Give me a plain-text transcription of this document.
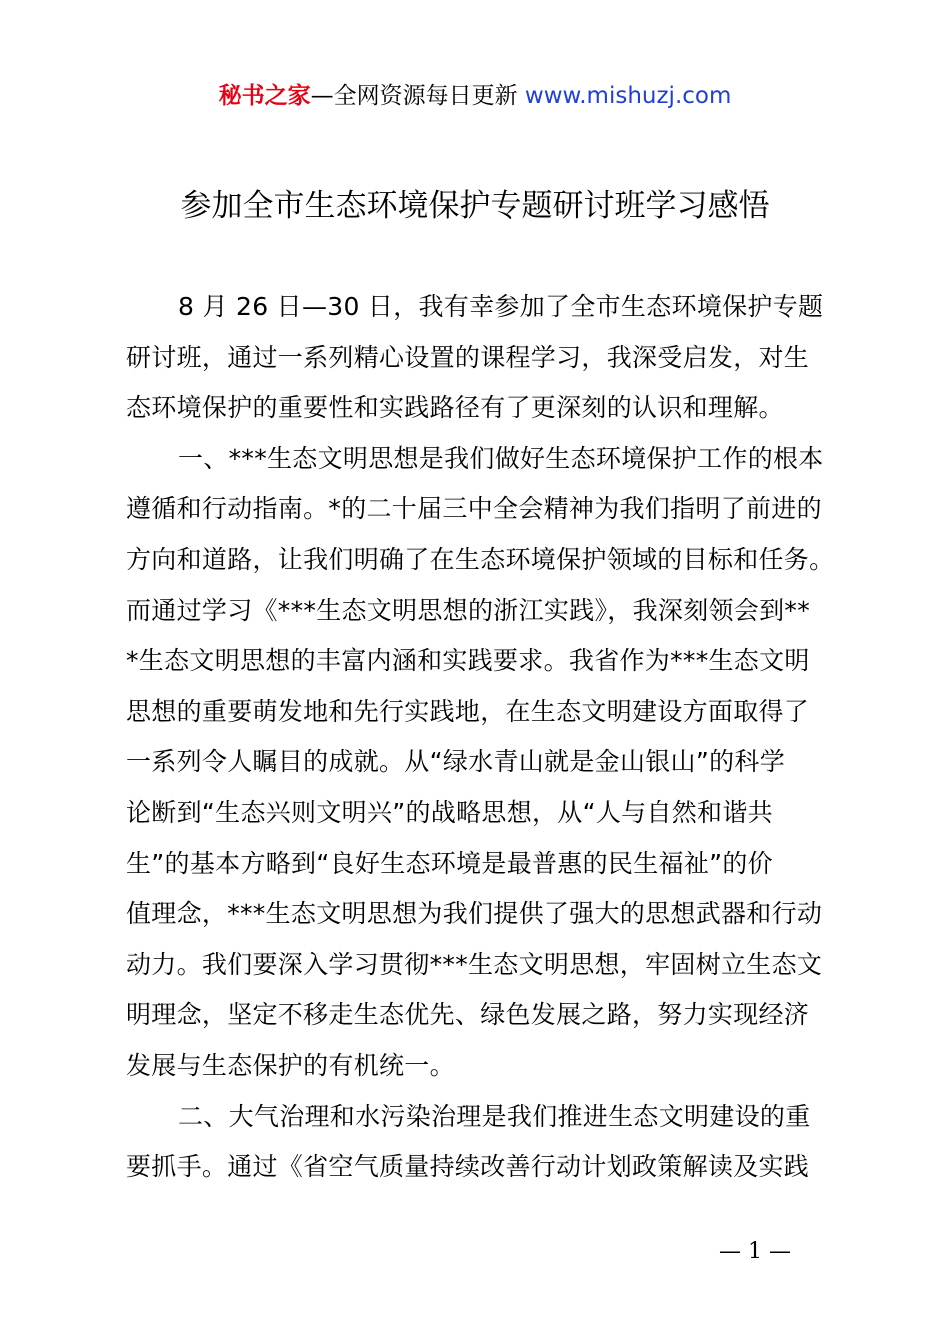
秘书之家—全网资源每日更新 www.mishuzj.com
参加全市生态环境保护专题研讨班学习感悟
8 月 26 日—30 日，我有幸参加了全市生态环境保护专题
研讨班，通过一系列精心设置的课程学习，我深受启发，对生
态环境保护的重要性和实践路径有了更深刻的认识和理解。
一、***生态文明思想是我们做好生态环境保护工作的根本
遵循和行动指南。*的二十届三中全会精神为我们指明了前进的
方向和道路，让我们明确了在生态环境保护领域的目标和任务。
而通过学习《***生态文明思想的浙江实践》，我深刻领会到**
*生态文明思想的丰富内涵和实践要求。我省作为***生态文明
思想的重要萌发地和先行实践地，在生态文明建设方面取得了
一系列令人瞩目的成就。从“绿水青山就是金山银山”的科学
论断到“生态兴则文明兴”的战略思想，从“人与自然和谐共
生”的基本方略到“良好生态环境是最普惠的民生福祉”的价
值理念，***生态文明思想为我们提供了强大的思想武器和行动
动力。我们要深入学习贯彻***生态文明思想，牢固树立生态文
明理念，坚定不移走生态优先、绿色发展之路，努力实现经济
发展与生态保护的有机统一。
二、大气治理和水污染治理是我们推进生态文明建设的重
要抓手。通过《省空气质量持续改善行动计划政策解读及实践
— 1 —
